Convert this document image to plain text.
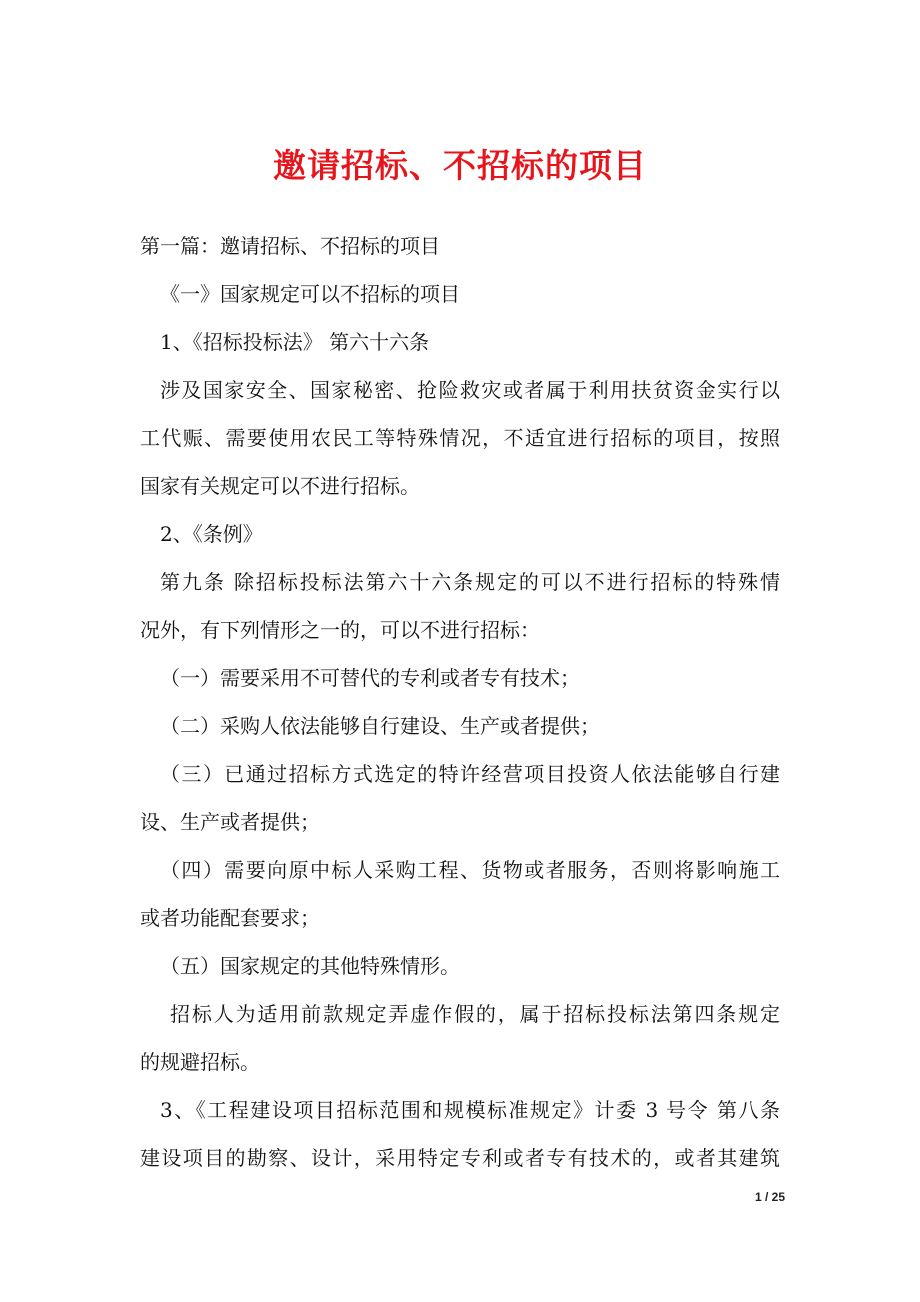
邀请招标、不招标的项目
第一篇：邀请招标、不招标的项目
《一》国家规定可以不招标的项目
1、《招标投标法》 第六十六条
涉及国家安全、国家秘密、抢险救灾或者属于利用扶贫资金实行以
工代赈、需要使用农民工等特殊情况，不适宜进行招标的项目，按照
国家有关规定可以不进行招标。
2、《条例》
第九条 除招标投标法第六十六条规定的可以不进行招标的特殊情
况外，有下列情形之一的，可以不进行招标：
（一）需要采用不可替代的专利或者专有技术；
（二）采购人依法能够自行建设、生产或者提供；
（三）已通过招标方式选定的特许经营项目投资人依法能够自行建
设、生产或者提供；
（四）需要向原中标人采购工程、货物或者服务，否则将影响施工
或者功能配套要求；
（五）国家规定的其他特殊情形。
招标人为适用前款规定弄虚作假的，属于招标投标法第四条规定
的规避招标。
3、《工程建设项目招标范围和规模标准规定》计委 3 号令 第八条
建设项目的勘察、设计，采用特定专利或者专有技术的，或者其建筑
1 / 25
